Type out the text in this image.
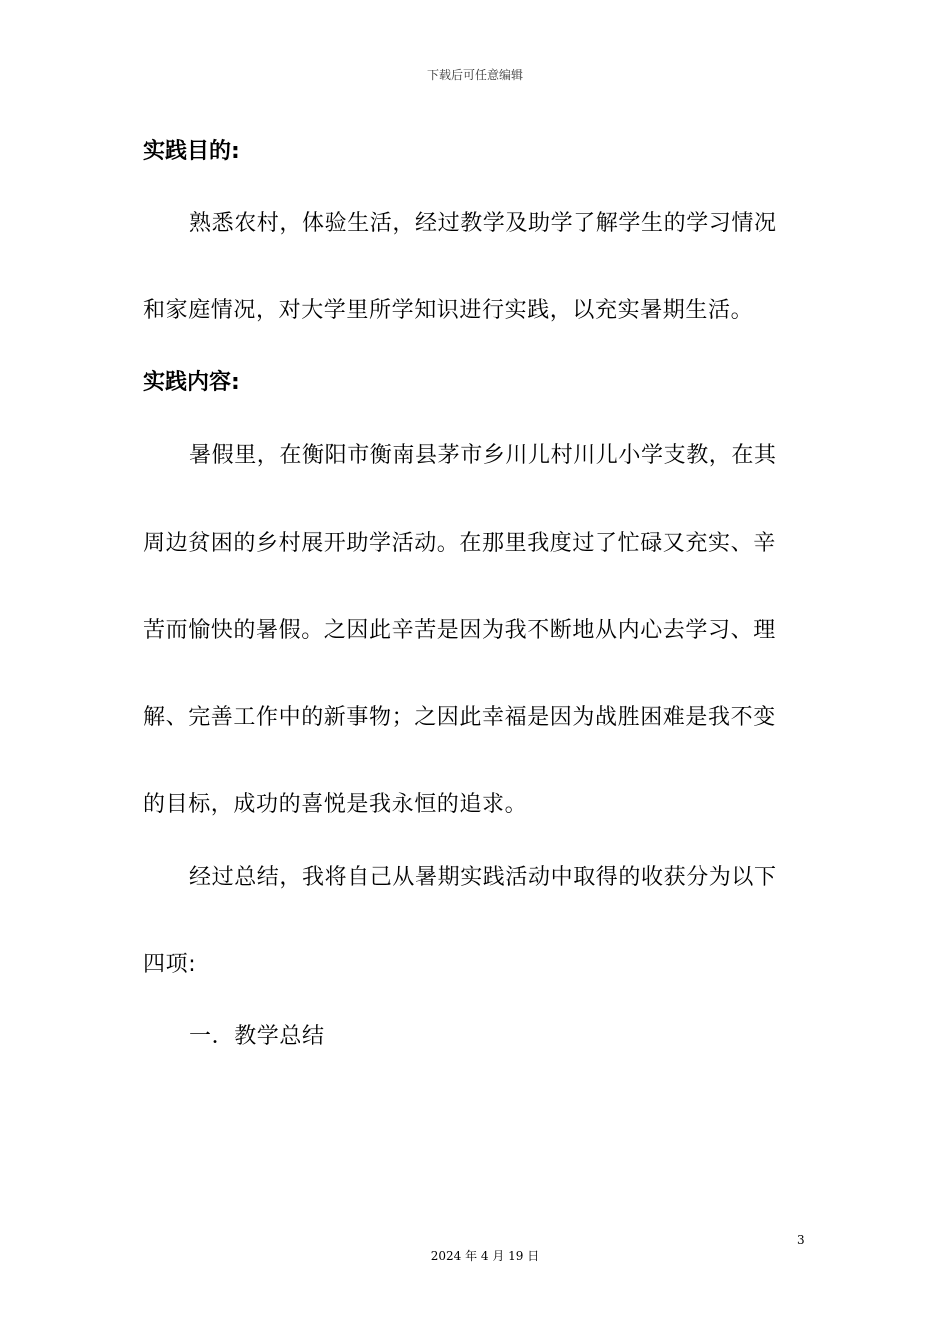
下载后可任意编辑
实践目的:
熟悉农村，体验生活，经过教学及助学了解学生的学习情况
和家庭情况，对大学里所学知识进行实践，以充实暑期生活。
实践内容:
暑假里，在衡阳市衡南县茅市乡川儿村川儿小学支教，在其
周边贫困的乡村展开助学活动。在那里我度过了忙碌又充实、辛
苦而愉快的暑假。之因此辛苦是因为我不断地从内心去学习、理
解、完善工作中的新事物；之因此幸福是因为战胜困难是我不变
的目标，成功的喜悦是我永恒的追求。
经过总结，我将自己从暑期实践活动中取得的收获分为以下
四项:
一．教学总结
3
2024 年 4 月 19 日
